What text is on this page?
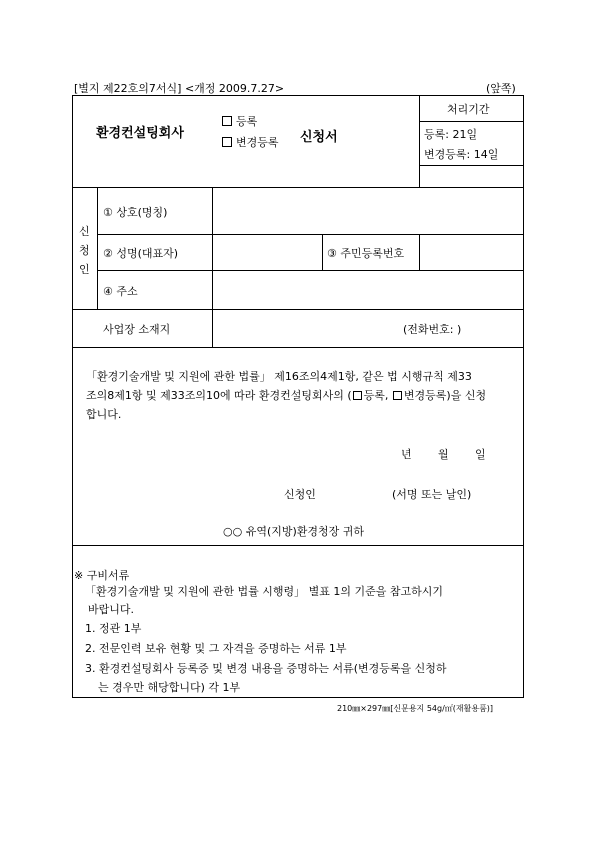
[별지 제22호의7서식] <개정 2009.7.27>	(앞쪽)
환경컨설팅회사
등록
변경등록 신청서
처리기간
등록: 21일
변경등록: 14일
신
청
인
① 상호(명칭)
② 성명(대표자)	③ 주민등록번호
④ 주소
사업장 소재지	(전화번호: )
「환경기술개발 및 지원에 관한 법률」 제16조의4제1항, 같은 법 시행규칙 제33
조의8제1항 및 제33조의10에 따라 환경컨설팅회사의 ( 등록, 변경등록)을 신청
합니다.
년 월 일
신청인	(서명 또는 날인)
○○ 유역(지방)환경청장 귀하
※ 구비서류
「환경기술개발 및 지원에 관한 법률 시행령」 별표 1의 기준을 참고하시기
바랍니다.
1. 정관 1부
2. 전문인력 보유 현황 및 그 자격을 증명하는 서류 1부
3. 환경컨설팅회사 등록증 및 변경 내용을 증명하는 서류(변경등록을 신청하
는 경우만 해당합니다) 각 1부
210㎜×297㎜[신문용지 54g/㎡(재활용품)]
